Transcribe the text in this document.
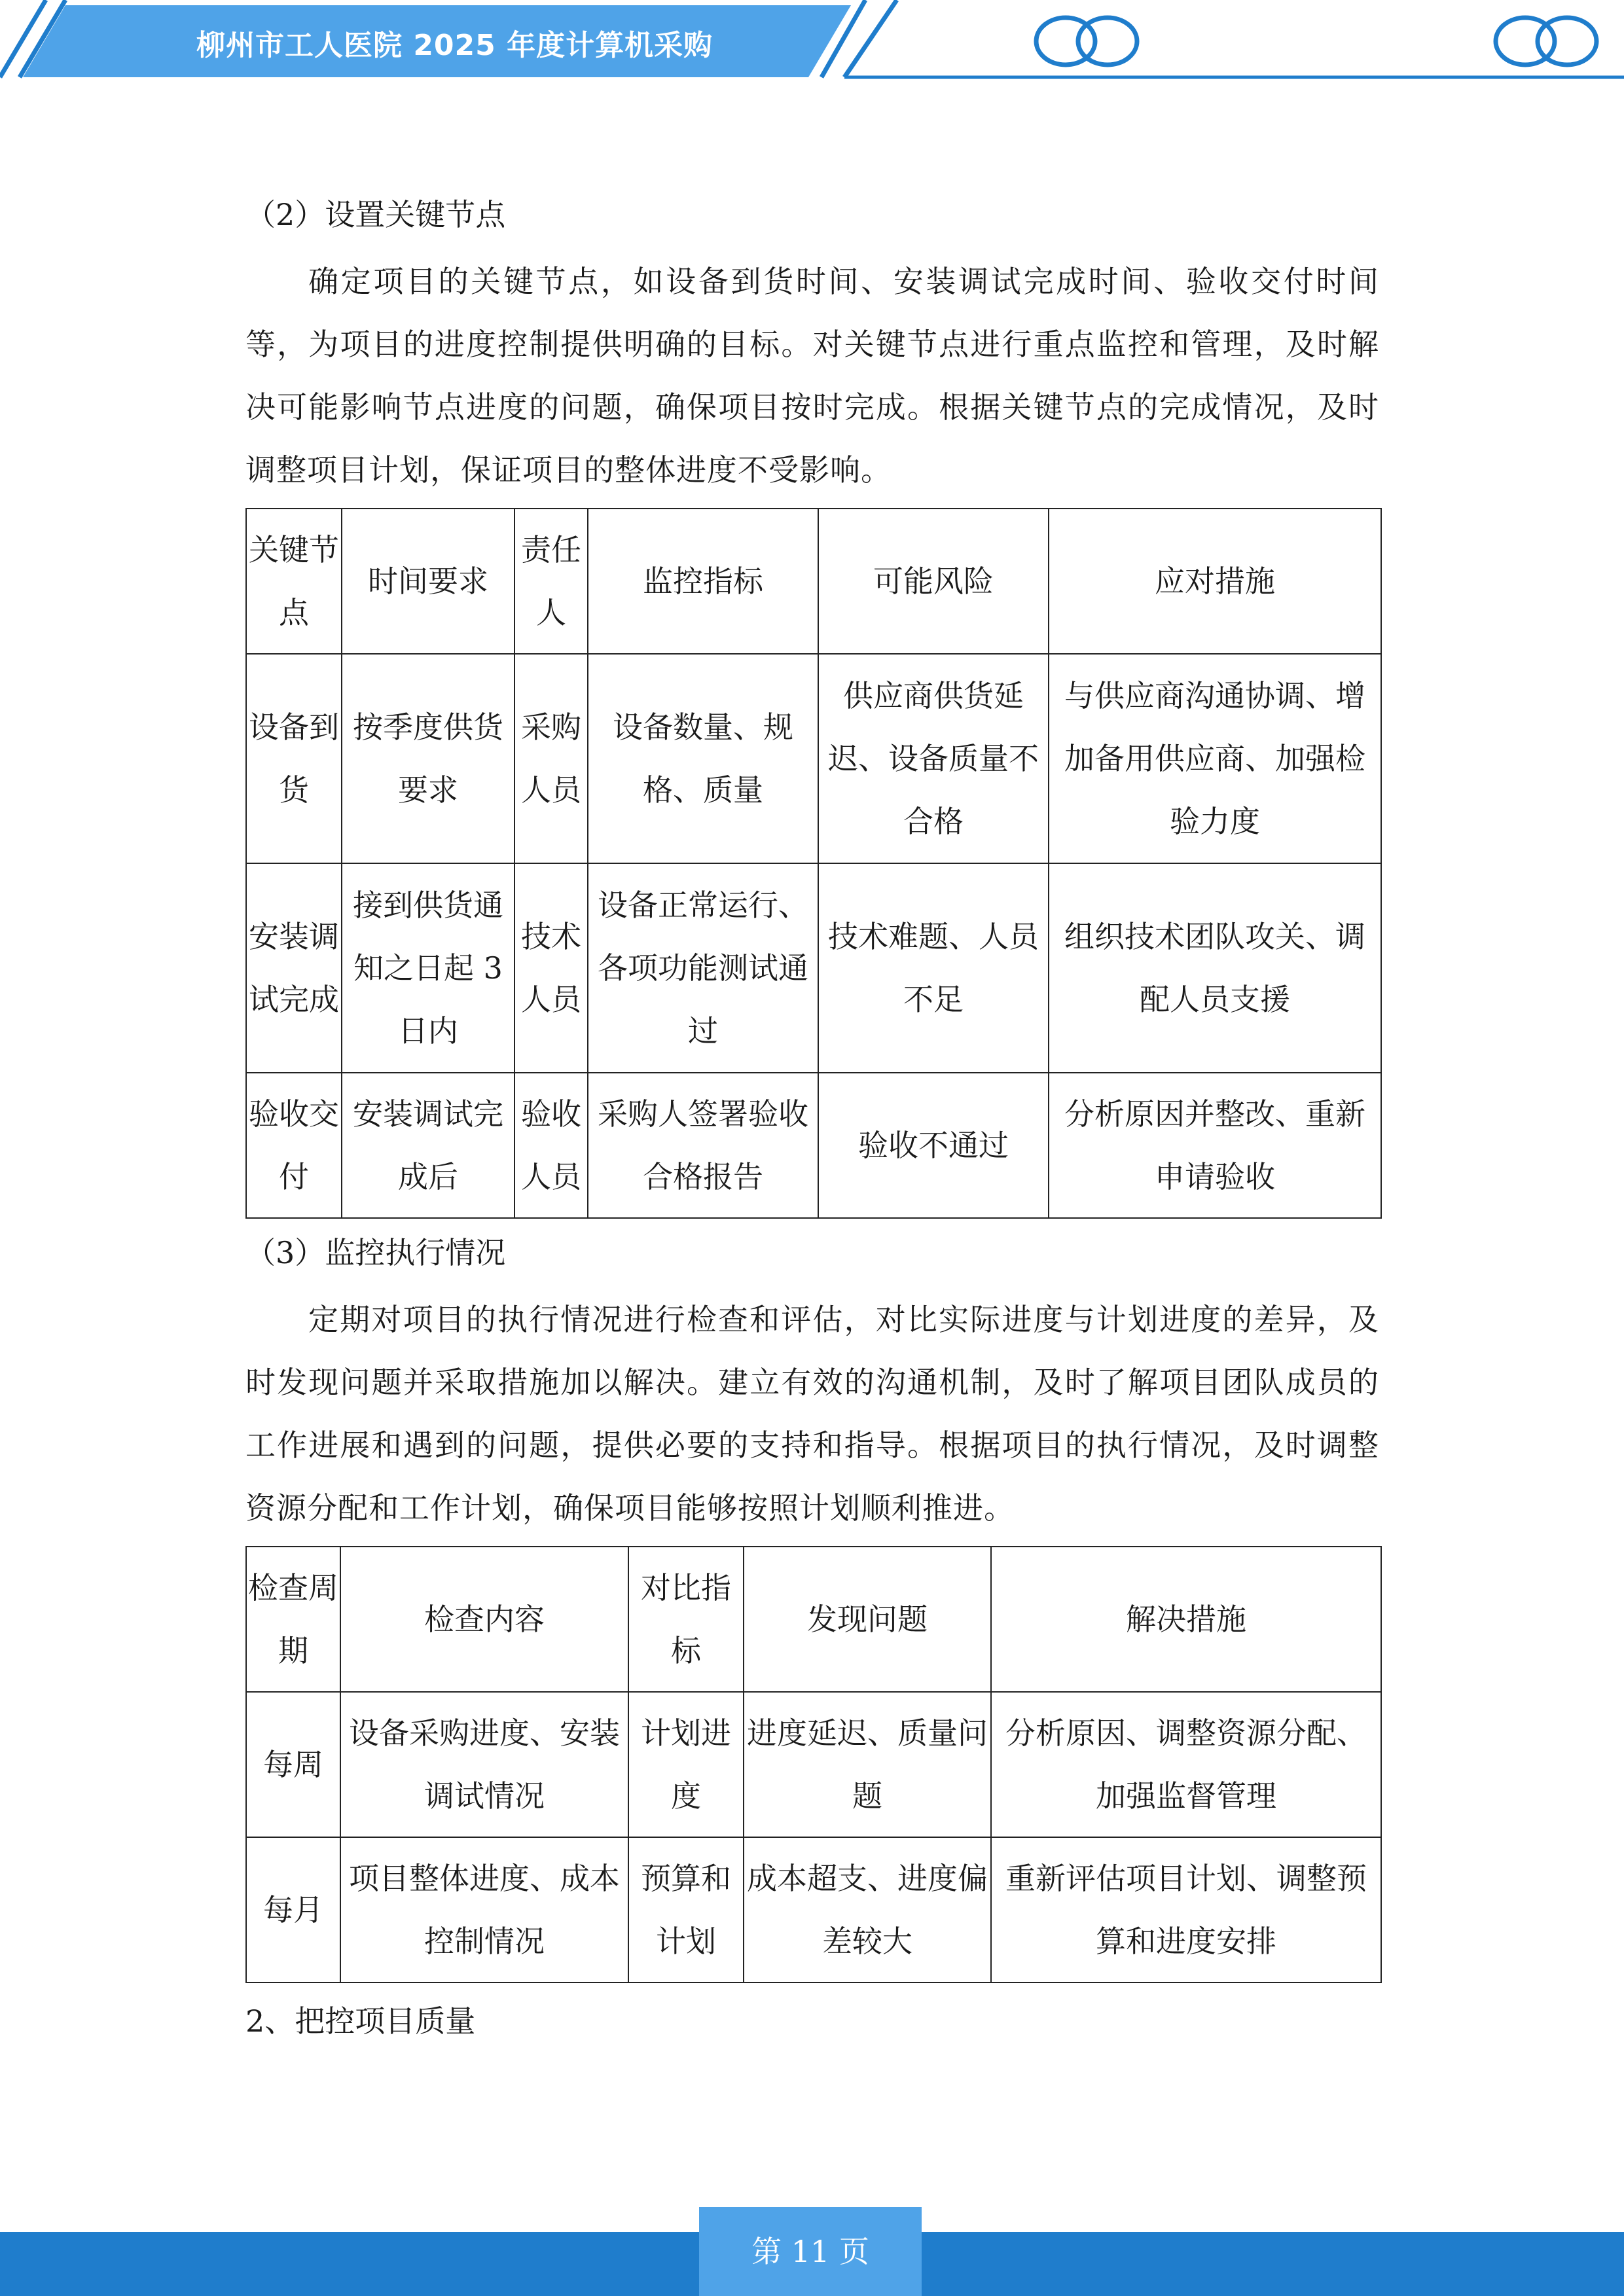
柳州市工人医院 2025 年度计算机采购

（2）设置关键节点

确定项目的关键节点，如设备到货时间、安装调试完成时间、验收交付时间等，为项目的进度控制提供明确的目标。对关键节点进行重点监控和管理，及时解决可能影响节点进度的问题，确保项目按时完成。根据关键节点的完成情况，及时调整项目计划，保证项目的整体进度不受影响。

关键节点	时间要求	责任人	监控指标	可能风险	应对措施
设备到货	按季度供货要求	采购人员	设备数量、规格、质量	供应商供货延迟、设备质量不合格	与供应商沟通协调、增加备用供应商、加强检验力度
安装调试完成	接到供货通知之日起 3 日内	技术人员	设备正常运行、各项功能测试通过	技术难题、人员不足	组织技术团队攻关、调配人员支援
验收交付	安装调试完成后	验收人员	采购人签署验收合格报告	验收不通过	分析原因并整改、重新申请验收

（3）监控执行情况

定期对项目的执行情况进行检查和评估，对比实际进度与计划进度的差异，及时发现问题并采取措施加以解决。建立有效的沟通机制，及时了解项目团队成员的工作进展和遇到的问题，提供必要的支持和指导。根据项目的执行情况，及时调整资源分配和工作计划，确保项目能够按照计划顺利推进。

检查周期	检查内容	对比指标	发现问题	解决措施
每周	设备采购进度、安装调试情况	计划进度	进度延迟、质量问题	分析原因、调整资源分配、加强监督管理
每月	项目整体进度、成本控制情况	预算和计划	成本超支、进度偏差较大	重新评估项目计划、调整预算和进度安排

2、把控项目质量

第 11 页
